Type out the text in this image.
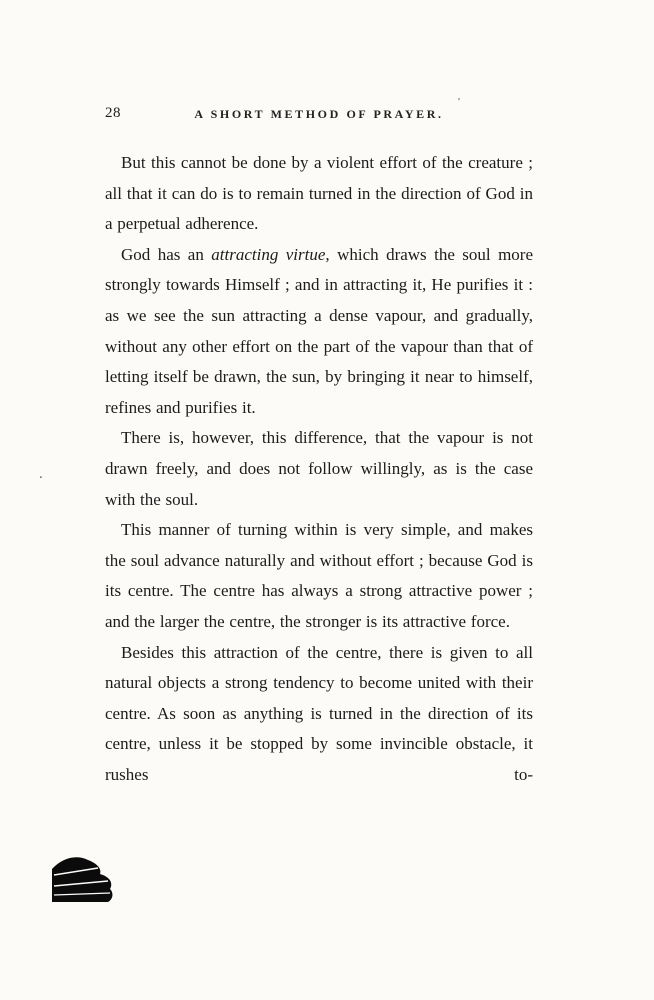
28	A SHORT METHOD OF PRAYER.

But this cannot be done by a violent effort of the creature ; all that it can do is to remain turned in the direction of God in a perpetual adherence.

God has an attracting virtue, which draws the soul more strongly towards Himself ; and in attracting it, He purifies it : as we see the sun attracting a dense vapour, and gradually, without any other effort on the part of the vapour than that of letting itself be drawn, the sun, by bringing it near to himself, refines and purifies it.

There is, however, this difference, that the vapour is not drawn freely, and does not follow willingly, as is the case with the soul.

This manner of turning within is very simple, and makes the soul advance naturally and without effort ; because God is its centre. The centre has always a strong attractive power ; and the larger the centre, the stronger is its attractive force.

Besides this attraction of the centre, there is given to all natural objects a strong tendency to become united with their centre. As soon as anything is turned in the direction of its centre, unless it be stopped by some invincible obstacle, it rushes to-

'
.
